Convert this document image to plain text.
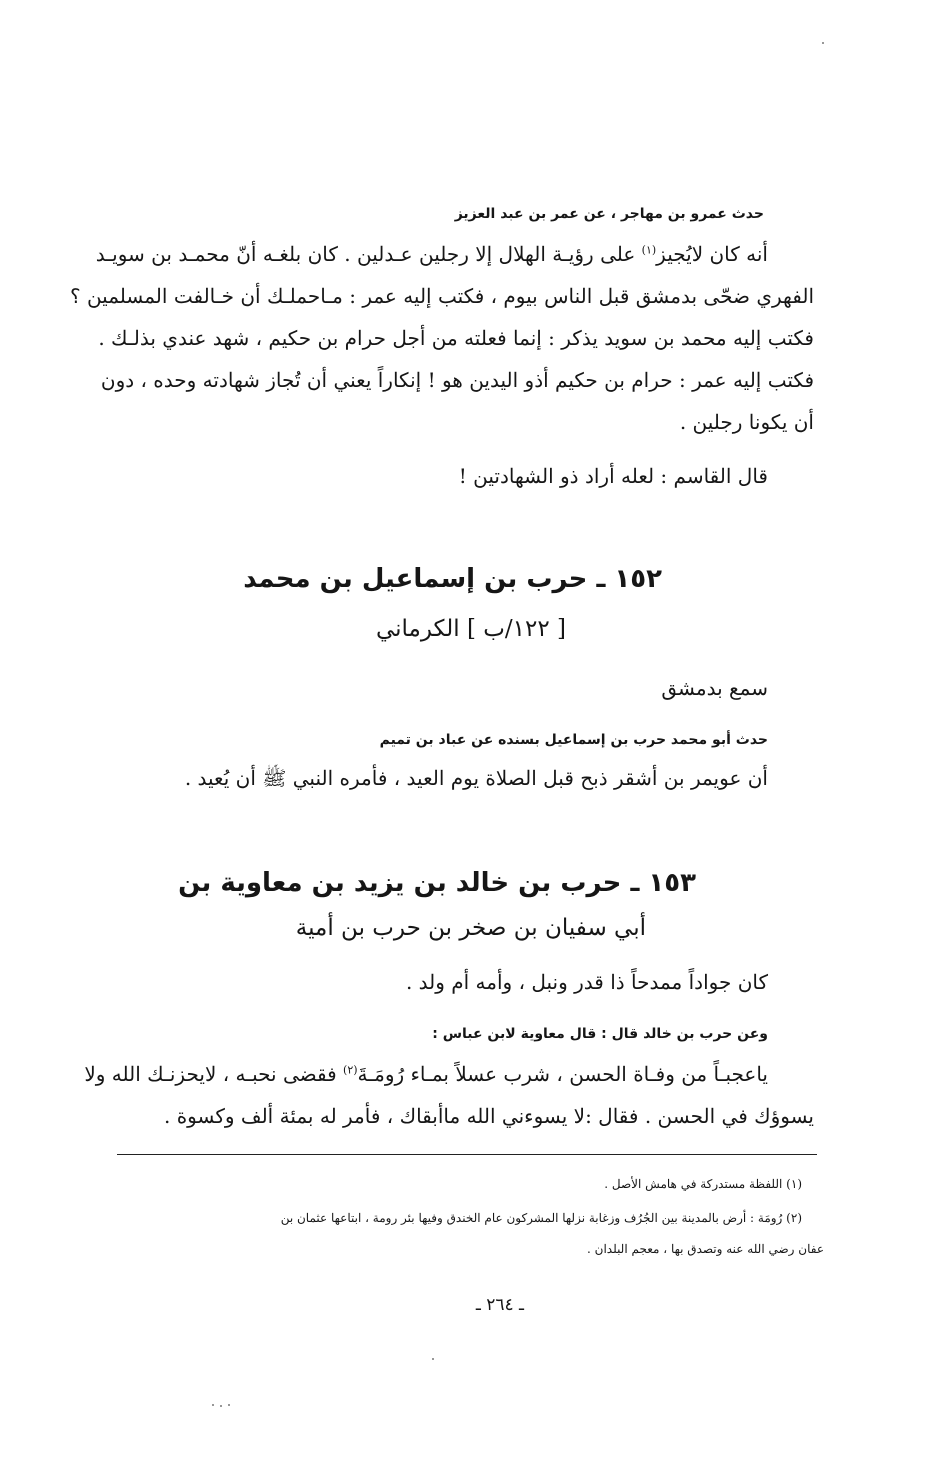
حدث عمرو بن مهاجر ، عن عمر بن عبد العزيز
أنه كان لايُجيز$^{(١)}$ على رؤيـة الهلال إلا رجلين عـدلين . كان بلغـه أنّ محمـد بن سويـد
الفهري ضحّى بدمشق قبل الناس بيوم ، فكتب إليه عمر : مـاحملـك أن خـالفت المسلمين ؟
فكتب إليه محمد بن سويد يذكر : إنما فعلته من أجل حرام بن حكيم ، شهد عندي بذلـك .
فكتب إليه عمر : حرام بن حكيم أذو اليدين هو ! إنكاراً يعني أن تُجاز شهادته وحده ، دون
أن يكونا رجلين .
قال القاسم : لعله أراد ذو الشهادتين !
١٥٢ ـ حرب بن إسماعيل بن محمد
[ ١٢٢/ب ] الكرماني
سمع بدمشق
حدث أبو محمد حرب بن إسماعيل بسنده عن عباد بن تميم
أن عويمر بن أشقر ذبح قبل الصلاة يوم العيد ، فأمره النبي ﷺ أن يُعيد .
١٥٣ ـ حرب بن خالد بن يزيد بن معاوية بن
أبي سفيان بن صخر بن حرب بن أمية
كان جواداً ممدحاً ذا قدر ونبل ، وأمه أم ولد .
وعن حرب بن خالد قال : قال معاوية لابن عباس :
ياعجبـاً من وفـاة الحسن ، شرب عسلاً بمـاء رُومَـةَ$^{(٢)}$ فقضى نحبـه ، لايحزنـك الله ولا
يسوؤك في الحسن . فقال :لا يسوءني الله ماأبقاك ، فأمر له بمئة ألف وكسوة .
(١) اللفظة مستدركة في هامش الأصل .
(٢) رُومَة : أرض بالمدينة بين الجُرُف وزغابة نزلها المشركون عام الخندق وفيها بئر رومة ، ابتاعها عثمان بن
عفان رضي الله عنه وتصدق بها ، معجم البلدان .
ـ ٢٦٤ ـ
